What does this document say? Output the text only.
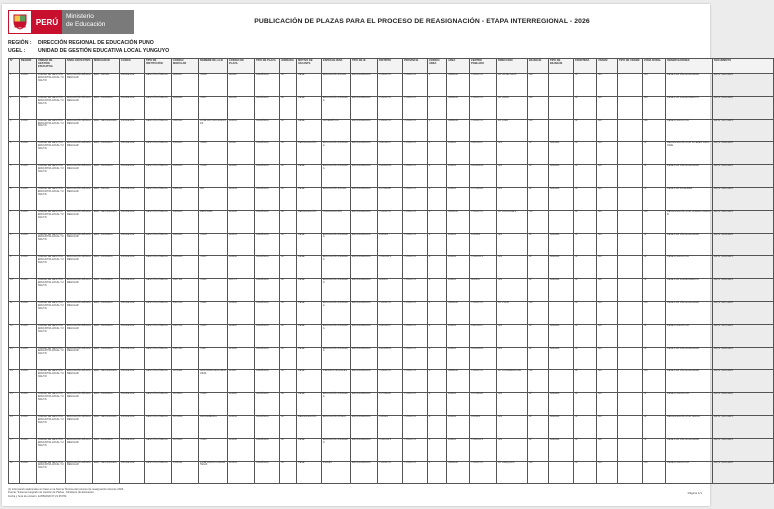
PERÚ
Ministerio
de Educación	PUBLICACIÓN DE PLAZAS PARA EL PROCESO DE REASIGNACIÓN - ETAPA INTERREGIONAL - 2026
REGIÓN : DIRECCIÓN REGIONAL DE EDUCACIÓN PUNO
UGEL : UNIDAD DE GESTIÓN EDUCATIVA LOCAL YUNGUYO
N°	REGIÓN	UNIDAD DE GESTIÓN EDUCATIVA	NIVEL EDUCATIVO	MODALIDAD	CARGO	TIPO DE INSTITUCIÓN	CÓDIGO MODULAR	NOMBRE DE LA IE	CÓDIGO DE PLAZA	TIPO DE PLAZA	JORNADA	MOTIVO DE VACANTE	ESPECIALIDAD	TIPO DE IE	DISTRITO	PROVINCIA	CÓDIGO ÁREA	ÁREA	CENTRO POBLADO	DIRECCIÓN	BILINGÜE	TIPO DE BILINGÜE	FRONTERA	VRAEM	TIPO DE VRAEM	ZONA RURAL	OBSERVACIONES	DOCUMENTO
1	PUNO	UNIDAD DE GESTIÓN EDUCATIVA LOCAL YUNGUYO	EDUCACIÓN BÁSICA REGULAR	EBR - INICIAL	PROFESOR	GESTIÓN PÚBLICA	0234567	70060	111241	ORGÁNICA	30	CESE	EDUCACIÓN INICIAL	ESCOLARIZADA	YUNGUYO	YUNGUYO	1	URBANA	YUNGUYO	JR. 28 DE JULIO	NO		SÍ	NO		NO	CESE POR LÍMITE DE EDAD	RD N° 0123-2025
2	PUNO	UNIDAD DE GESTIÓN EDUCATIVA LOCAL YUNGUYO	EDUCACIÓN BÁSICA REGULAR	EBR - PRIMARIA	PROFESOR	GESTIÓN PÚBLICA	0234890	70097	111352	ORGÁNICA	30	CESE	EDUCACIÓN PRIMARIA	ESCOLARIZADA	YUNGUYO	YUNGUYO	1	URBANA	YUNGUYO	AV. GRAU	NO		SÍ	NO		NO	CESE POR FALLECIMIENTO	RD N° 0145-2025
3	PUNO	UNIDAD DE GESTIÓN EDUCATIVA LOCAL YUNGUYO	EDUCACIÓN BÁSICA REGULAR	EBR - SECUNDARIA	PROFESOR	GESTIÓN PÚBLICA	0345121	JOSÉ ANTONIO ENCINAS	112003	ORGÁNICA	30	CESE	MATEMÁTICA	ESCOLARIZADA	YUNGUYO	YUNGUYO	1	URBANA	YUNGUYO	JR. LIMA	NO		SÍ	NO		NO	CESE A SOLICITUD	RD N° 0167-2025
4	PUNO	UNIDAD DE GESTIÓN EDUCATIVA LOCAL YUNGUYO	EDUCACIÓN BÁSICA REGULAR	EBR - PRIMARIA	PROFESOR	GESTIÓN PÚBLICA	0345233	70098	112117	ORGÁNICA	30	REASIGNACIÓN	EDUCACIÓN PRIMARIA	ESCOLARIZADA	UNICACHI	YUNGUYO	2	RURAL	UNICACHI	S/N	SÍ	AIMARA	SÍ	NO		SÍ	REASIGNACIÓN POR INTERÉS PERSONAL	RD N° 0189-2025
5	PUNO	UNIDAD DE GESTIÓN EDUCATIVA LOCAL YUNGUYO	EDUCACIÓN BÁSICA REGULAR	EBR - PRIMARIA	PROFESOR	GESTIÓN PÚBLICA	0345345	70102	112228	ORGÁNICA	30	CESE	EDUCACIÓN PRIMARIA	ESCOLARIZADA	OLLARAYA	YUNGUYO	2	RURAL	OLLARAYA	S/N	SÍ	AIMARA	SÍ	NO		SÍ	CESE POR LÍMITE DE EDAD	RD N° 0201-2025
6	PUNO	UNIDAD DE GESTIÓN EDUCATIVA LOCAL YUNGUYO	EDUCACIÓN BÁSICA REGULAR	EBR - INICIAL	PROFESOR	GESTIÓN PÚBLICA	0456112	324	112339	ORGÁNICA	30	CESE	EDUCACIÓN INICIAL	ESCOLARIZADA	CUTURAPI	YUNGUYO	2	RURAL	CUTURAPI	S/N	SÍ	AIMARA	SÍ	NO		SÍ	CESE POR INVALIDEZ	RD N° 0212-2025
7	PUNO	UNIDAD DE GESTIÓN EDUCATIVA LOCAL YUNGUYO	EDUCACIÓN BÁSICA REGULAR	EBR - SECUNDARIA	PROFESOR	GESTIÓN PÚBLICA	0456223	PERÚ BIRF	112440	ORGÁNICA	30	REASIGNACIÓN	COMUNICACIÓN	ESCOLARIZADA	YUNGUYO	YUNGUYO	1	URBANA	YUNGUYO	JR. BOLOGNESI	NO		SÍ	NO		NO	REASIGNACIÓN POR UNIDAD FAMILIAR	RD N° 0223-2025
8	PUNO	UNIDAD DE GESTIÓN EDUCATIVA LOCAL YUNGUYO	EDUCACIÓN BÁSICA REGULAR	EBR - PRIMARIA	PROFESOR	GESTIÓN PÚBLICA	0456334	70105	112551	ORGÁNICA	30	CESE	EDUCACIÓN PRIMARIA	ESCOLARIZADA	COPANI	YUNGUYO	2	RURAL	COPANI	S/N	SÍ	AIMARA	SÍ	NO		SÍ	CESE POR LÍMITE DE EDAD	RD N° 0234-2025
9	PUNO	UNIDAD DE GESTIÓN EDUCATIVA LOCAL YUNGUYO	EDUCACIÓN BÁSICA REGULAR	EBR - PRIMARIA	PROFESOR	GESTIÓN PÚBLICA	0456445	70107	112662	ORGÁNICA	30	CESE	EDUCACIÓN PRIMARIA	ESCOLARIZADA	TINICACHI	YUNGUYO	2	RURAL	TINICACHI	S/N	SÍ	AIMARA	SÍ	NO		SÍ	CESE A SOLICITUD	RD N° 0245-2025
10	PUNO	UNIDAD DE GESTIÓN EDUCATIVA LOCAL YUNGUYO	EDUCACIÓN BÁSICA REGULAR	EBR - PRIMARIA	PROFESOR	GESTIÓN PÚBLICA	0567112	70110	112773	ORGÁNICA	30	CESE	EDUCACIÓN PRIMARIA	ESCOLARIZADA	ANAPIA	YUNGUYO	2	RURAL	ANAPIA	S/N	SÍ	AIMARA	SÍ	NO		SÍ	CESE POR FALLECIMIENTO	RD N° 0256-2025
11	PUNO	UNIDAD DE GESTIÓN EDUCATIVA LOCAL YUNGUYO	EDUCACIÓN BÁSICA REGULAR	EBR - PRIMARIA	PROFESOR	GESTIÓN PÚBLICA	0567223	70112	112884	ORGÁNICA	30	CESE	EDUCACIÓN PRIMARIA	ESCOLARIZADA	YUNGUYO	YUNGUYO	1	URBANA	YUNGUYO	JR. PUNO	NO		SÍ	NO		NO	CESE POR LÍMITE DE EDAD	RD N° 0267-2025
12	PUNO	UNIDAD DE GESTIÓN EDUCATIVA LOCAL YUNGUYO	EDUCACIÓN BÁSICA REGULAR	EBR - PRIMARIA	PROFESOR	GESTIÓN PÚBLICA	0567334	70115	112995	ORGÁNICA	30	CESE	EDUCACIÓN PRIMARIA	ESCOLARIZADA	UNICACHI	YUNGUYO	2	RURAL	UNICACHI	S/N	SÍ	AIMARA	SÍ	NO		SÍ	CESE A SOLICITUD	RD N° 0278-2025
13	PUNO	UNIDAD DE GESTIÓN EDUCATIVA LOCAL YUNGUYO	EDUCACIÓN BÁSICA REGULAR	EBR - PRIMARIA	PROFESOR	GESTIÓN PÚBLICA	0567445	70117	113006	ORGÁNICA	30	CESE	EDUCACIÓN PRIMARIA	ESCOLARIZADA	OLLARAYA	YUNGUYO	2	RURAL	OLLARAYA	S/N	SÍ	AIMARA	SÍ	NO		SÍ	CESE POR LÍMITE DE EDAD	RD N° 0289-2025
14	PUNO	UNIDAD DE GESTIÓN EDUCATIVA LOCAL YUNGUYO	EDUCACIÓN BÁSICA REGULAR	EBR - SECUNDARIA	PROFESOR	GESTIÓN PÚBLICA	0678112	SAN FRANCISCO DE BORJA	113117	ORGÁNICA	30	CESE	CIENCIAS SOCIALES	ESCOLARIZADA	YUNGUYO	YUNGUYO	1	URBANA	YUNGUYO	AV. PANAMERICANA	NO		SÍ	NO		NO	CESE POR LÍMITE DE EDAD	RD N° 0291-2025
15	PUNO	UNIDAD DE GESTIÓN EDUCATIVA LOCAL YUNGUYO	EDUCACIÓN BÁSICA REGULAR	EBR - PRIMARIA	PROFESOR	GESTIÓN PÚBLICA	0678223	70120	113228	ORGÁNICA	30	CESE	EDUCACIÓN PRIMARIA	ESCOLARIZADA	CUTURAPI	YUNGUYO	2	RURAL	CUTURAPI	S/N	SÍ	AIMARA	SÍ	NO		SÍ	CESE A SOLICITUD	RD N° 0302-2025
16	PUNO	UNIDAD DE GESTIÓN EDUCATIVA LOCAL YUNGUYO	EDUCACIÓN BÁSICA REGULAR	EBR - SECUNDARIA	PROFESOR	GESTIÓN PÚBLICA	0678334	INDOAMÉRICA	113339	ORGÁNICA	30	REASIGNACIÓN	EDUCACIÓN FÍSICA	ESCOLARIZADA	COPANI	YUNGUYO	2	RURAL	COPANI	S/N	SÍ	AIMARA	SÍ	NO		SÍ	REASIGNACIÓN POR SALUD	RD N° 0313-2025
17	PUNO	UNIDAD DE GESTIÓN EDUCATIVA LOCAL YUNGUYO	EDUCACIÓN BÁSICA REGULAR	EBR - PRIMARIA	PROFESOR	GESTIÓN PÚBLICA	0678445	70123	113440	ORGÁNICA	30	CESE	EDUCACIÓN PRIMARIA	ESCOLARIZADA	TINICACHI	YUNGUYO	2	RURAL	TINICACHI	S/N	SÍ	AIMARA	SÍ	NO		SÍ	CESE POR LÍMITE DE EDAD	RD N° 0324-2025
18	PUNO	UNIDAD DE GESTIÓN EDUCATIVA LOCAL YUNGUYO	EDUCACIÓN BÁSICA REGULAR	EBR - SECUNDARIA	PROFESOR	GESTIÓN PÚBLICA	0789112	JOSÉ CARLOS MARIÁTEGUI	113551	ORGÁNICA	30	CESE	INGLÉS	ESCOLARIZADA	YUNGUYO	YUNGUYO	1	URBANA	YUNGUYO	JR. AREQUIPA	NO		SÍ	NO		NO	CESE A SOLICITUD	RD N° 0335-2025
(1) Información elaborada con base en la Norma Técnica del proceso de reasignación docente 2026.
Fuente: Sistema Integrado de Gestión de Plazas - Ministerio de Educación.
Fecha y hora de emisión: 12/05/2026 07:21:35 PM
Página 1/1
